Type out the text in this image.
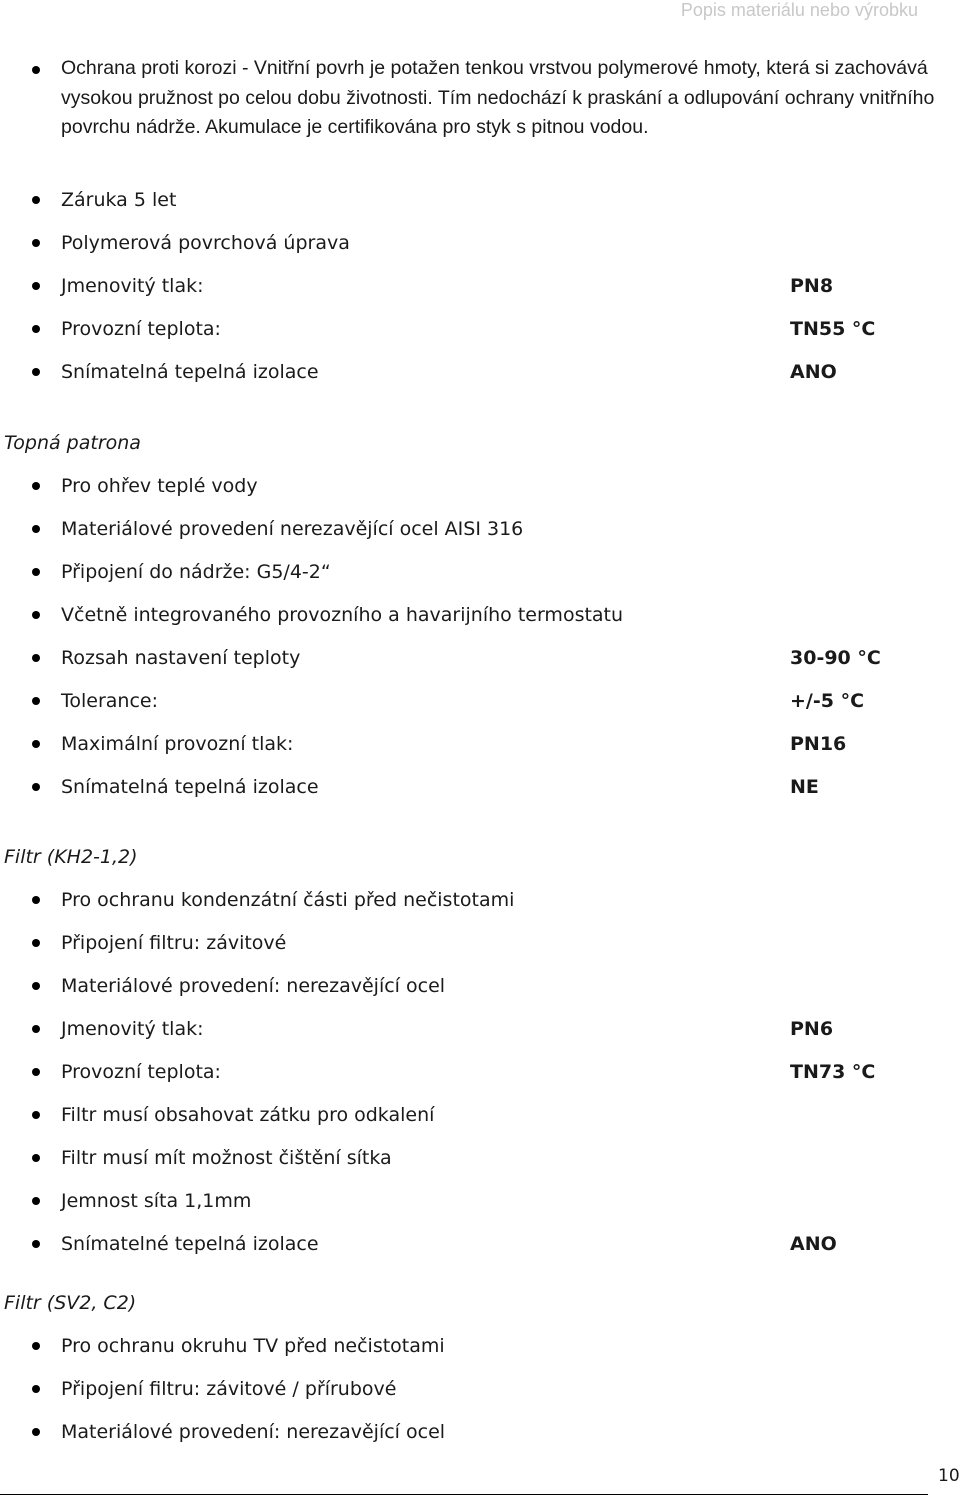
Popis materiálu nebo výrobku
Ochrana proti korozi - Vnitřní povrh je potažen tenkou vrstvou polymerové hmoty, která si zachovává vysokou pružnost po celou dobu životnosti. Tím nedochází k praskání a odlupování ochrany vnitřního povrchu nádrže. Akumulace je certifikována pro styk s pitnou vodou.
Záruka 5 let
Polymerová povrchová úprava
Jmenovitý tlak:	PN8
Provozní teplota:	TN55 °C
Snímatelná tepelná izolace	ANO
Topná patrona
Pro ohřev teplé vody
Materiálové provedení nerezavějící ocel AISI 316
Připojení do nádrže: G5/4-2“
Včetně integrovaného provozního a havarijního termostatu
Rozsah nastavení teploty	30-90 °C
Tolerance:	+/-5 °C
Maximální provozní tlak:	PN16
Snímatelná tepelná izolace	NE
Filtr (KH2-1,2)
Pro ochranu kondenzátní části před nečistotami
Připojení filtru: závitové
Materiálové provedení: nerezavějící ocel
Jmenovitý tlak:	PN6
Provozní teplota:	TN73 °C
Filtr musí obsahovat zátku pro odkalení
Filtr musí mít možnost čištění sítka
Jemnost síta 1,1mm
Snímatelné tepelná izolace	ANO
Filtr (SV2, C2)
Pro ochranu okruhu TV před nečistotami
Připojení filtru: závitové / přírubové
Materiálové provedení: nerezavějící ocel
10
